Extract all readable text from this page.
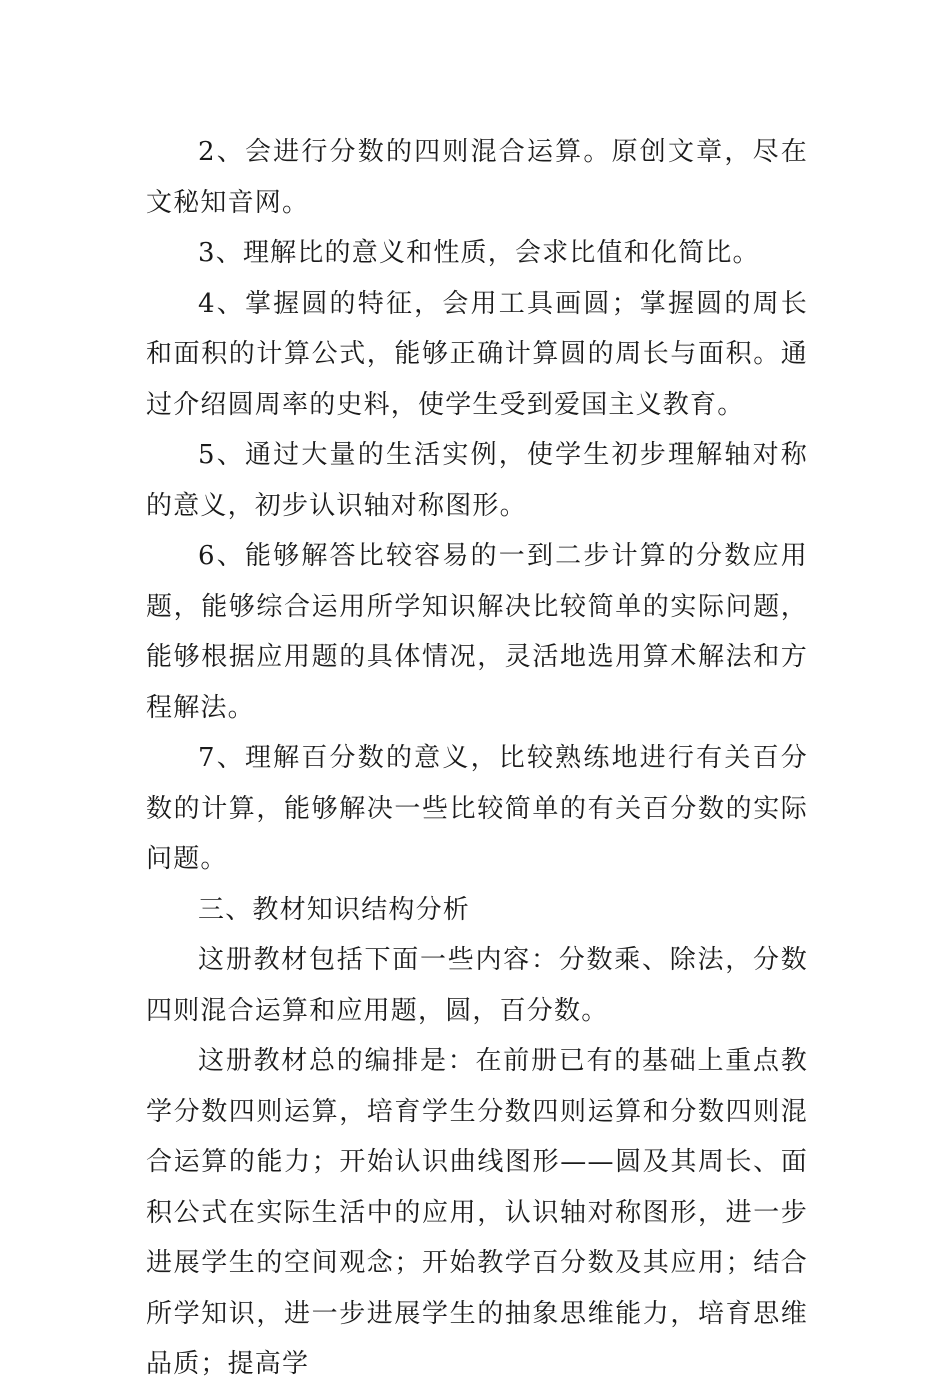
2、会进行分数的四则混合运算。原创文章，尽在文秘知音网。

3、理解比的意义和性质，会求比值和化简比。

4、掌握圆的特征，会用工具画圆；掌握圆的周长和面积的计算公式，能够正确计算圆的周长与面积。通过介绍圆周率的史料，使学生受到爱国主义教育。

5、通过大量的生活实例，使学生初步理解轴对称的意义，初步认识轴对称图形。

6、能够解答比较容易的一到二步计算的分数应用题，能够综合运用所学知识解决比较简单的实际问题，能够根据应用题的具体情况，灵活地选用算术解法和方程解法。

7、理解百分数的意义，比较熟练地进行有关百分数的计算，能够解决一些比较简单的有关百分数的实际问题。

三、教材知识结构分析

这册教材包括下面一些内容：分数乘、除法，分数四则混合运算和应用题，圆，百分数。

这册教材总的编排是：在前册已有的基础上重点教学分数四则运算，培育学生分数四则运算和分数四则混合运算的能力；开始认识曲线图形——圆及其周长、面积公式在实际生活中的应用，认识轴对称图形，进一步进展学生的空间观念；开始教学百分数及其应用；结合所学知识，进一步进展学生的抽象思维能力，培育思维品质；提高学
